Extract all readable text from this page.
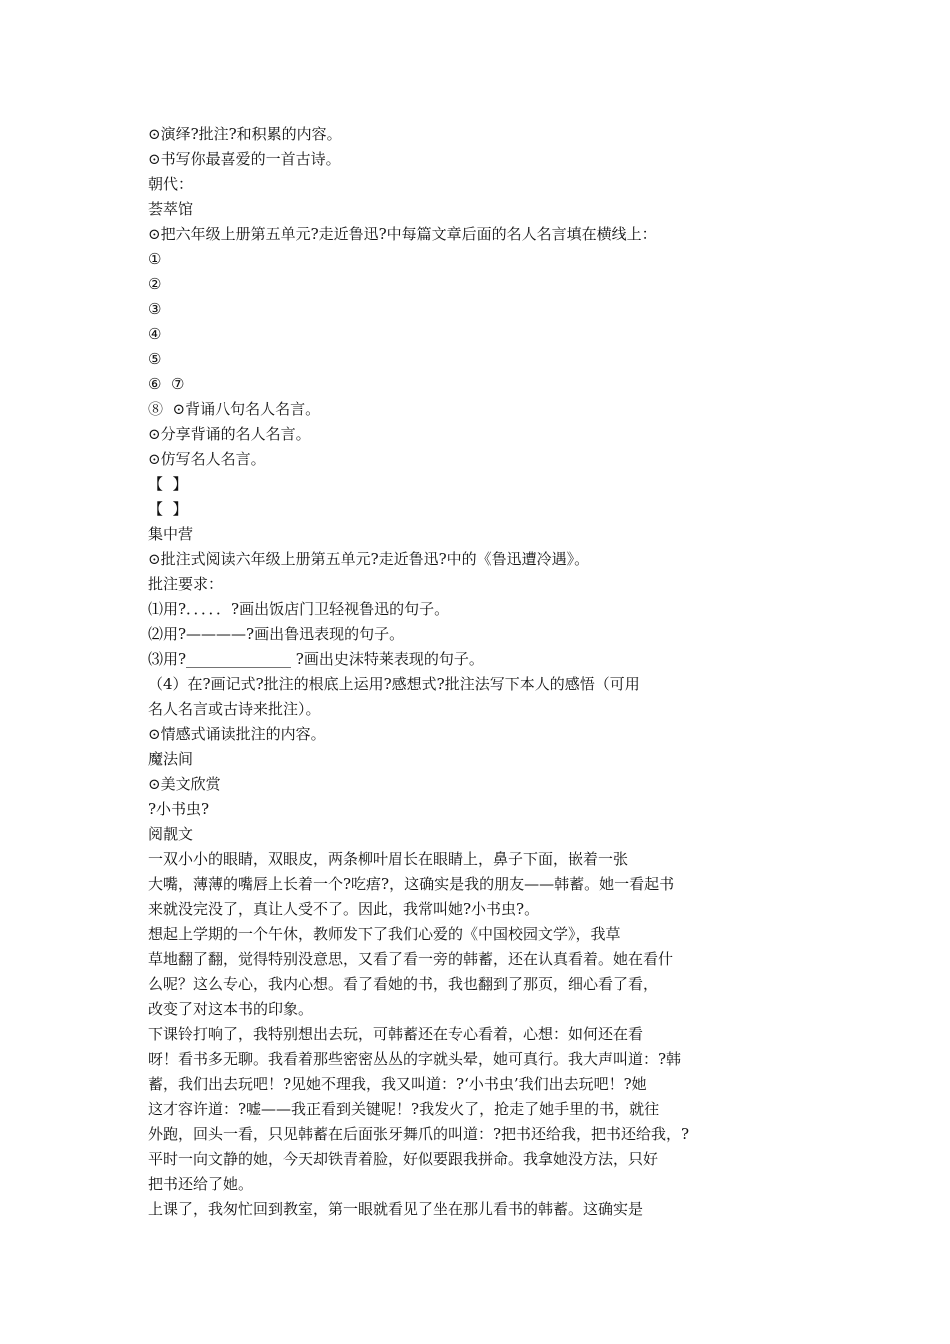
⊙演绎?批注?和积累的内容。
⊙书写你最喜爱的一首古诗。
朝代：
荟萃馆
⊙把六年级上册第五单元?走近鲁迅?中每篇文章后面的名人名言填在横线上：
①
②
③
④
⑤
⑥  ⑦
⑧  ⊙背诵八句名人名言。
⊙分享背诵的名人名言。
⊙仿写名人名言。
【  】
【  】
集中营
⊙批注式阅读六年级上册第五单元?走近鲁迅?中的《鲁迅遭冷遇》。
批注要求：
⑴用?．．．．．?画出饭店门卫轻视鲁迅的句子。
⑵用?————?画出鲁迅表现的句子。
⑶用?______________ ?画出史沫特莱表现的句子。
（4）在?画记式?批注的根底上运用?感想式?批注法写下本人的感悟（可用
名人名言或古诗来批注）。
⊙情感式诵读批注的内容。
魔法间
⊙美文欣赏
?小书虫?
阅靓文
一双小小的眼睛，双眼皮，两条柳叶眉长在眼睛上，鼻子下面，嵌着一张
大嘴，薄薄的嘴唇上长着一个?吃痦?，这确实是我的朋友——韩蓄。她一看起书
来就没完没了，真让人受不了。因此，我常叫她?小书虫?。
想起上学期的一个午休，教师发下了我们心爱的《中国校园文学》，我草
草地翻了翻，觉得特别没意思，又看了看一旁的韩蓄，还在认真看着。她在看什
么呢？这么专心，我内心想。看了看她的书，我也翻到了那页，细心看了看，
改变了对这本书的印象。
下课铃打响了，我特别想出去玩，可韩蓄还在专心看着，心想：如何还在看
呀！看书多无聊。我看着那些密密丛丛的字就头晕，她可真行。我大声叫道：?韩
蓄，我们出去玩吧！?见她不理我，我又叫道：?‘小书虫’我们出去玩吧！?她
这才容许道：?嘘——我正看到关键呢！?我发火了，抢走了她手里的书，就往
外跑，回头一看，只见韩蓄在后面张牙舞爪的叫道：?把书还给我，把书还给我，?
平时一向文静的她，今天却铁青着脸，好似要跟我拼命。我拿她没方法，只好
把书还给了她。
上课了，我匆忙回到教室，第一眼就看见了坐在那儿看书的韩蓄。这确实是
